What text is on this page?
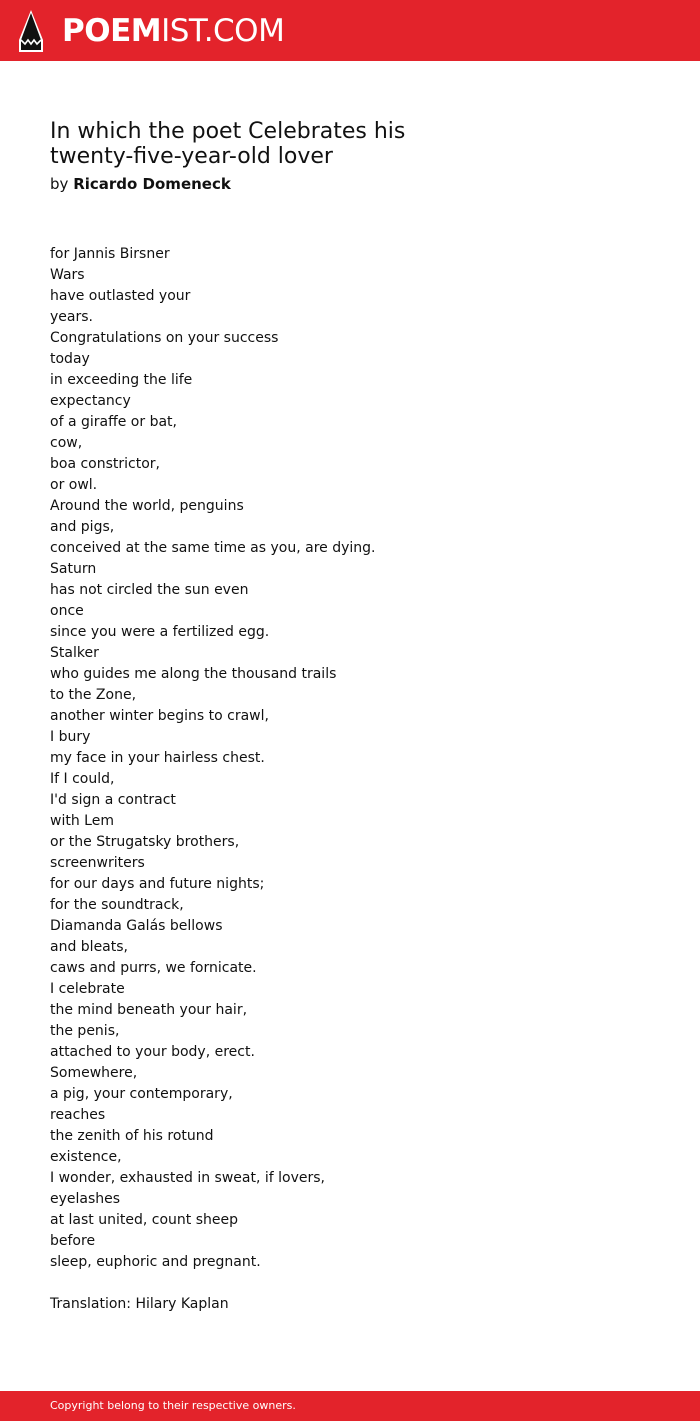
POEMIST.COM
In which the poet Celebrates his twenty-five-year-old lover
by Ricardo Domeneck
for Jannis Birsner
Wars
have outlasted your
years.
Congratulations on your success
today
in exceeding the life
expectancy
of a giraffe or bat,
cow,
boa constrictor,
or owl.
Around the world, penguins
and pigs,
conceived at the same time as you, are dying.
Saturn
has not circled the sun even
once
since you were a fertilized egg.
Stalker
who guides me along the thousand trails
to the Zone,
another winter begins to crawl,
I bury
my face in your hairless chest.
If I could,
I'd sign a contract
with Lem
or the Strugatsky brothers,
screenwriters
for our days and future nights;
for the soundtrack,
Diamanda Galás bellows
and bleats,
caws and purrs, we fornicate.
I celebrate
the mind beneath your hair,
the penis,
attached to your body, erect.
Somewhere,
a pig, your contemporary,
reaches
the zenith of his rotund
existence,
I wonder, exhausted in sweat, if lovers,
eyelashes
at last united, count sheep
before
sleep, euphoric and pregnant.
Translation: Hilary Kaplan
Copyright belong to their respective owners.
